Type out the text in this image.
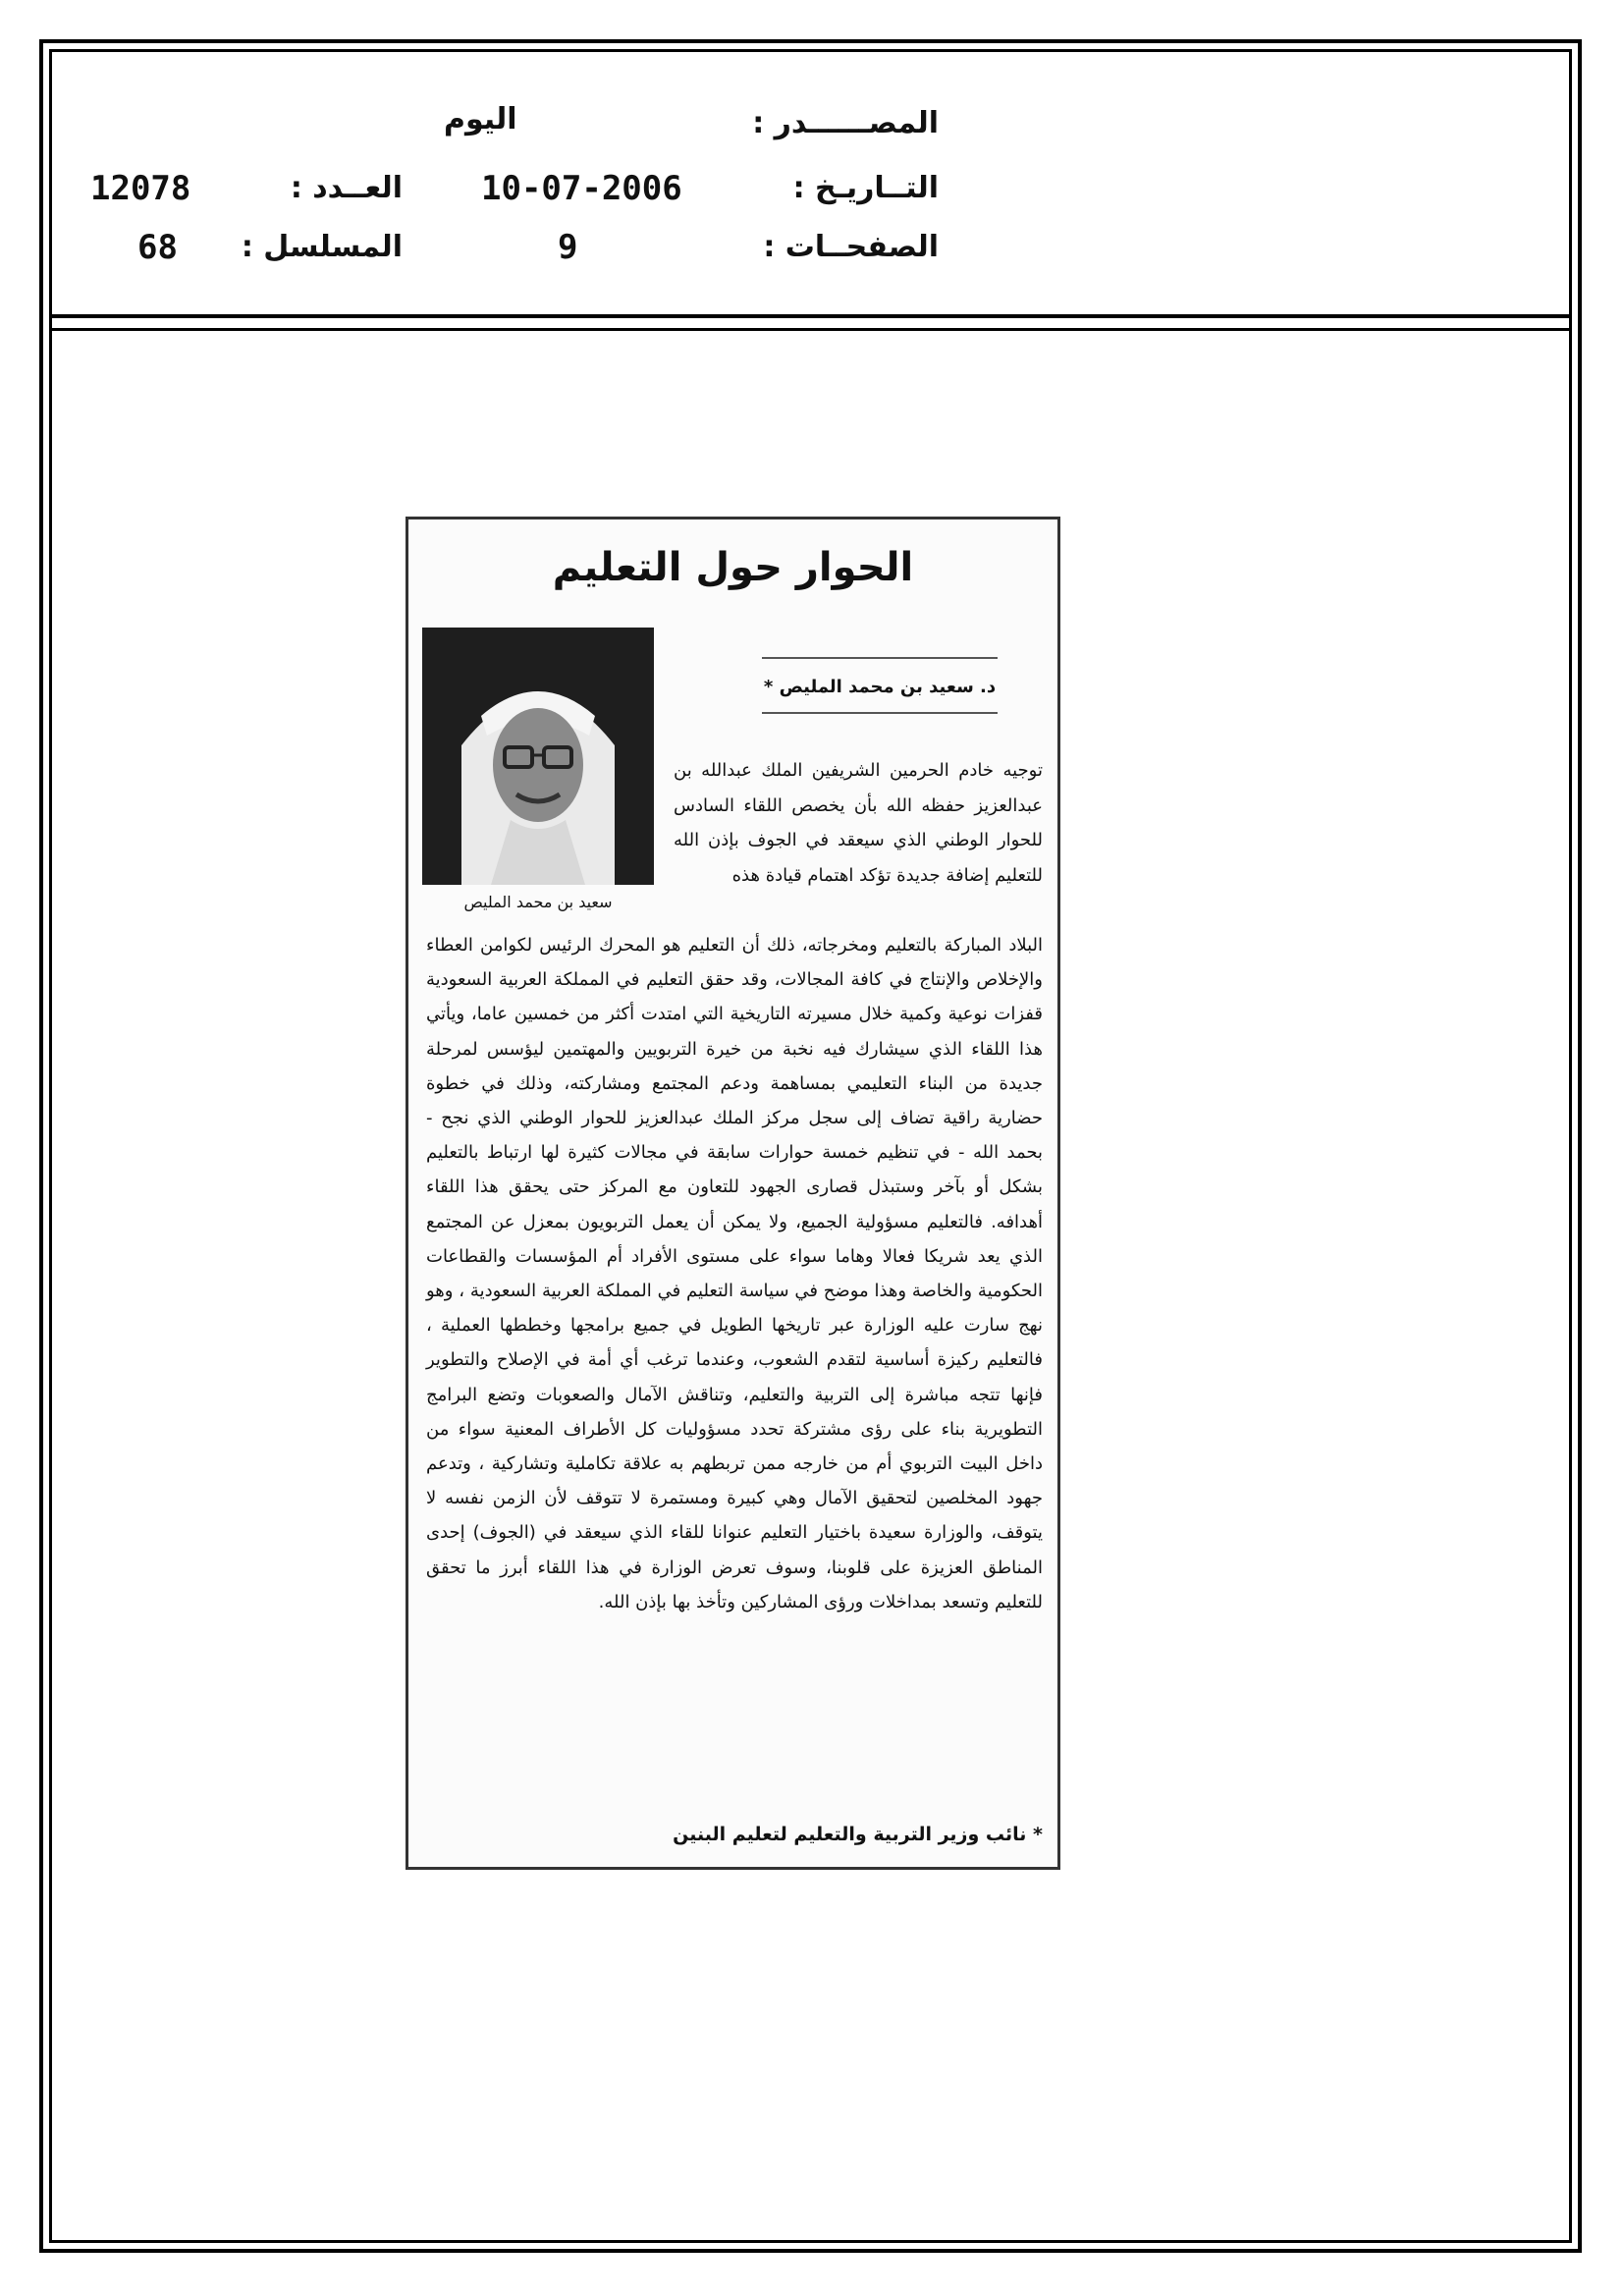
المصــــــدر :
اليوم
التــاريـخ :
10-07-2006
العــدد :
12078
الصفحــات :
9
المسلسل :
68
الحوار حول التعليم
سعيد بن محمد المليص
د. سعيد بن محمد المليص *
توجيه خادم الحرمين الشريفين الملك عبدالله بن عبدالعزيز حفظه الله بأن يخصص اللقاء السادس للحوار الوطني الذي سيعقد في الجوف بإذن الله للتعليم إضافة جديدة تؤكد اهتمام قيادة هذه
البلاد المباركة بالتعليم ومخرجاته، ذلك أن التعليم هو المحرك الرئيس لكوامن العطاء والإخلاص والإنتاج في كافة المجالات، وقد حقق التعليم في المملكة العربية السعودية قفزات نوعية وكمية خلال مسيرته التاريخية التي امتدت أكثر من خمسين عاما، ويأتي هذا اللقاء الذي سيشارك فيه نخبة من خيرة التربويين والمهتمين ليؤسس لمرحلة جديدة من البناء التعليمي بمساهمة ودعم المجتمع ومشاركته، وذلك في خطوة حضارية راقية تضاف إلى سجل مركز الملك عبدالعزيز للحوار الوطني الذي نجح - بحمد الله - في تنظيم خمسة حوارات سابقة في مجالات كثيرة لها ارتباط بالتعليم بشكل أو بآخر وستبذل قصارى الجهود للتعاون مع المركز حتى يحقق هذا اللقاء أهدافه. فالتعليم مسؤولية الجميع، ولا يمكن أن يعمل التربويون بمعزل عن المجتمع الذي يعد شريكا فعالا وهاما سواء على مستوى الأفراد أم المؤسسات والقطاعات الحكومية والخاصة وهذا موضح في سياسة التعليم في المملكة العربية السعودية ، وهو نهج سارت عليه الوزارة عبر تاريخها الطويل في جميع برامجها وخططها العملية ، فالتعليم ركيزة أساسية لتقدم الشعوب، وعندما ترغب أي أمة في الإصلاح والتطوير فإنها تتجه مباشرة إلى التربية والتعليم، وتناقش الآمال والصعوبات وتضع البرامج التطويرية بناء على رؤى مشتركة تحدد مسؤوليات كل الأطراف المعنية سواء من داخل البيت التربوي أم من خارجه ممن تربطهم به علاقة تكاملية وتشاركية ، وتدعم جهود المخلصين لتحقيق الآمال وهي كبيرة ومستمرة لا تتوقف لأن الزمن نفسه لا يتوقف، والوزارة سعيدة باختيار التعليم عنوانا للقاء الذي سيعقد في (الجوف) إحدى المناطق العزيزة على قلوبنا، وسوف تعرض الوزارة في هذا اللقاء أبرز ما تحقق للتعليم وتسعد بمداخلات ورؤى المشاركين وتأخذ بها بإذن الله.
* نائب وزير التربية والتعليم لتعليم البنين
